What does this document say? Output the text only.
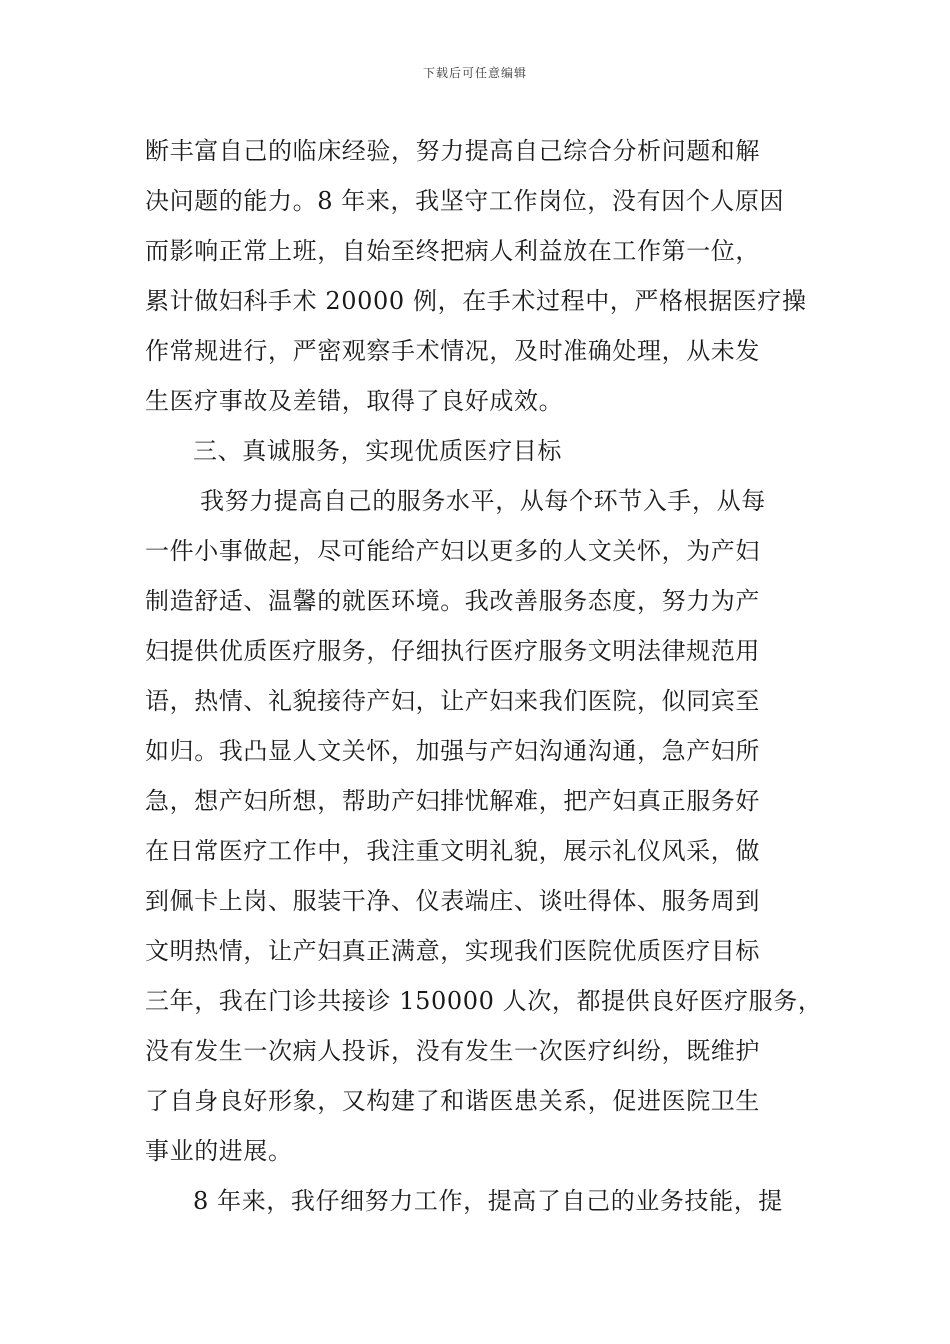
下载后可任意编辑
断丰富自己的临床经验，努力提高自己综合分析问题和解
决问题的能力。8 年来，我坚守工作岗位，没有因个人原因
而影响正常上班，自始至终把病人利益放在工作第一位，
累计做妇科手术 20000 例，在手术过程中，严格根据医疗操
作常规进行，严密观察手术情况，及时准确处理，从未发
生医疗事故及差错，取得了良好成效。
三、真诚服务，实现优质医疗目标
我努力提高自己的服务水平，从每个环节入手，从每
一件小事做起，尽可能给产妇以更多的人文关怀，为产妇
制造舒适、温馨的就医环境。我改善服务态度，努力为产
妇提供优质医疗服务，仔细执行医疗服务文明法律规范用
语，热情、礼貌接待产妇，让产妇来我们医院，似同宾至
如归。我凸显人文关怀，加强与产妇沟通沟通，急产妇所
急，想产妇所想，帮助产妇排忧解难，把产妇真正服务好
在日常医疗工作中，我注重文明礼貌，展示礼仪风采，做
到佩卡上岗、服装干净、仪表端庄、谈吐得体、服务周到
文明热情，让产妇真正满意，实现我们医院优质医疗目标
三年，我在门诊共接诊 150000 人次，都提供良好医疗服务，
没有发生一次病人投诉，没有发生一次医疗纠纷，既维护
了自身良好形象，又构建了和谐医患关系，促进医院卫生
事业的进展。
8 年来，我仔细努力工作，提高了自己的业务技能，提
